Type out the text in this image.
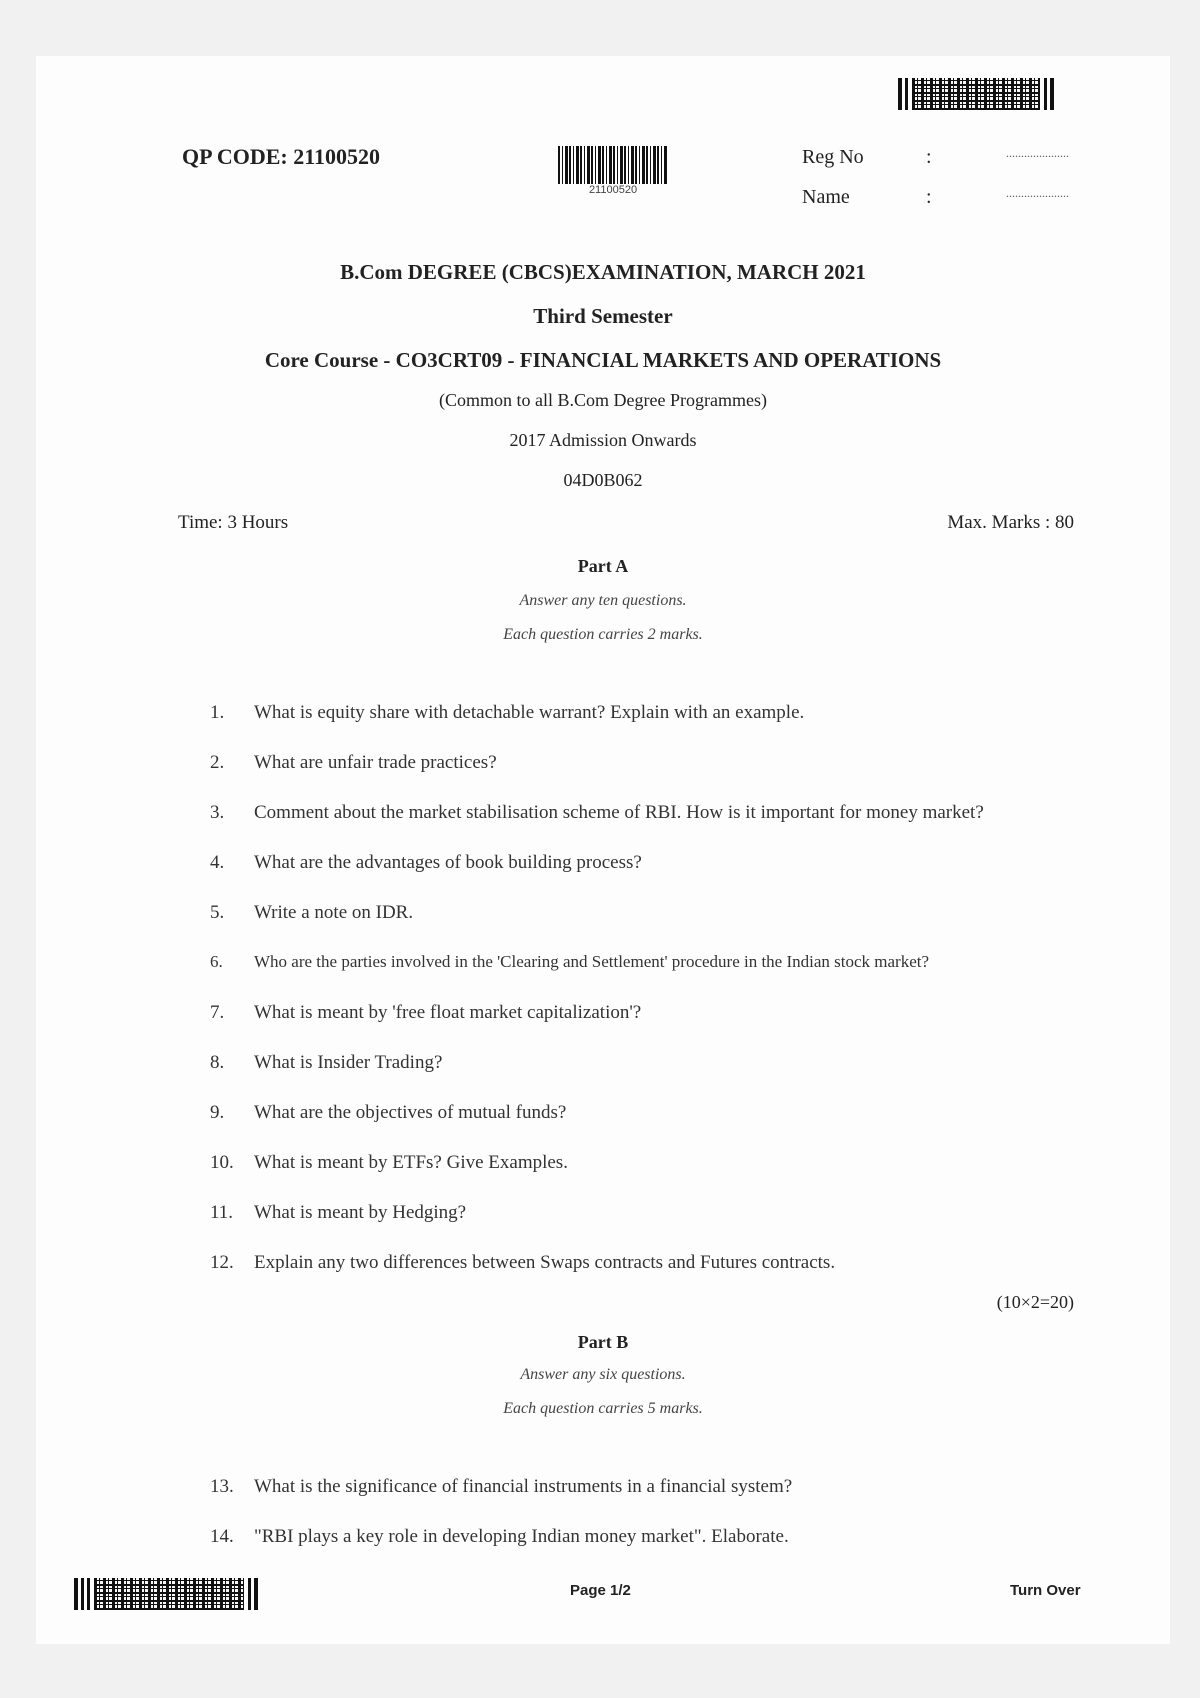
QP CODE: 21100520
21100520
Reg No	:	.....................
Name	:	.....................
B.Com DEGREE (CBCS)EXAMINATION, MARCH 2021
Third Semester
Core Course - CO3CRT09 - FINANCIAL MARKETS AND OPERATIONS
(Common to all B.Com Degree Programmes)
2017 Admission Onwards
04D0B062
Time: 3 Hours	Max. Marks : 80
Part A
Answer any ten questions.
Each question carries 2 marks.
1. What is equity share with detachable warrant? Explain with an example.
2. What are unfair trade practices?
3. Comment about the market stabilisation scheme of RBI. How is it important for money market?
4. What are the advantages of book building process?
5. Write a note on IDR.
6. Who are the parties involved in the 'Clearing and Settlement' procedure in the Indian stock market?
7. What is meant by 'free float market capitalization'?
8. What is Insider Trading?
9. What are the objectives of mutual funds?
10. What is meant by ETFs? Give Examples.
11. What is meant by Hedging?
12. Explain any two differences between Swaps contracts and Futures contracts.
(10×2=20)
Part B
Answer any six questions.
Each question carries 5 marks.
13. What is the significance of financial instruments in a financial system?
14. "RBI plays a key role in developing Indian money market". Elaborate.
Page 1/2	Turn Over
